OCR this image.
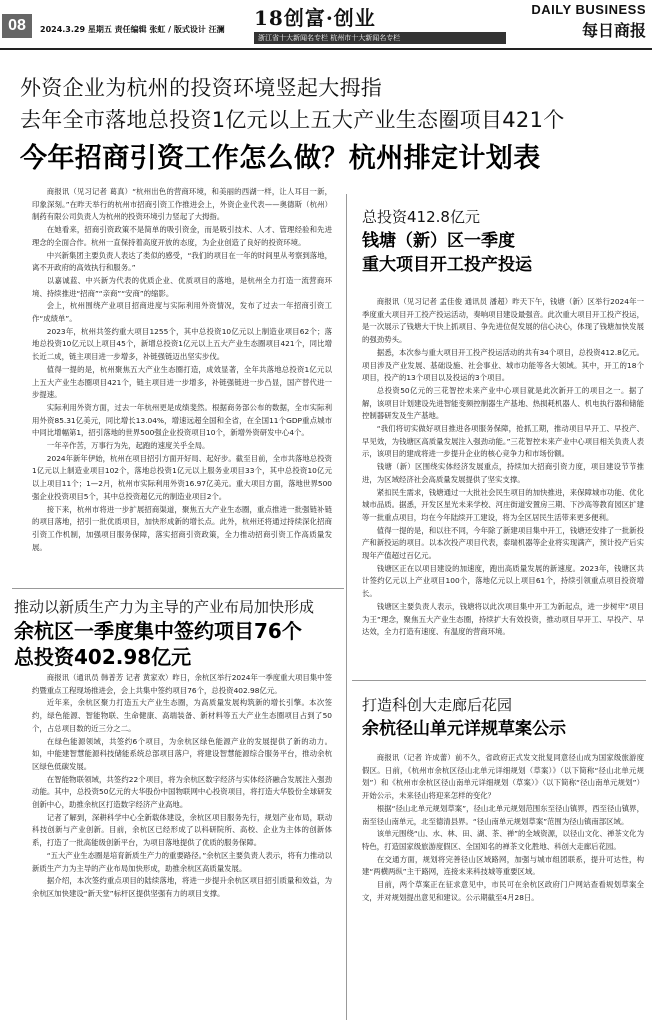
08	2024.3.29 星期五 责任编辑 张虹 / 版式设计 汪澜 18创富·创业
浙江省十大新闻名专栏 杭州市十大新闻名专栏
DAILY BUSINESS
每日商报
外资企业为杭州的投资环境竖起大拇指
去年全市落地总投资1亿元以上五大产业生态圈项目421个
今年招商引资工作怎么做？杭州排定计划表

商报讯（见习记者 葛真）“杭州出色的营商环境，和美丽的西湖一样，让人耳目一新，印象深刻。”在昨天举行的杭州市招商引资工作推进会上，外资企业代表——奥德斯（杭州）制药有限公司负责人为杭州的投资环境引力竖起了大拇指。

在她看来，招商引资政策不是简单的吸引资金，而是吸引技术、人才、管理经验和先进理念的全面合作。杭州一直保持着高度开放的态度，为企业创造了良好的投资环境。

中兴新集团主要负责人表达了类似的感受，“我们的项目在一年的时间里从考察到落地，离不开政府的高效执行和服务。”

以嘉诚蓝、中兴新为代表的优质企业、优质项目的落地，是杭州全力打造一流营商环境、持续推进“招商”“亲商”“安商”的缩影。

会上，杭州围绕产业项目招商进度与实际利用外资情况，发布了过去一年招商引资工作“成绩单”。

2023年，杭州共签约重大项目1255个，其中总投资10亿元以上制造业项目62个；落地总投资10亿元以上项目45个，新增总投资1亿元以上五大产业生态圈项目421个，同比增长近二成，链主项目进一步增多，补链强链迈出坚实步伐。

值得一提的是，杭州聚焦五大产业生态圈打造，成效显著，全年共落地总投资1亿元以上五大产业生态圈项目421个，链主项目进一步增多，补链强链进一步凸显，国产替代进一步提速。

实际利用外资方面，过去一年杭州更是成绩斐然。根据商务部公布的数据，全市实际利用外资85.31亿美元，同比增长13.04%，增速远超全国和全省，在全国11个GDP重点城市中同比增幅第1，招引落地的世界500强企业投资项目10个，新增外资研发中心4个。

一年辛作苦，万事行为先，起跑的速度关乎全局。

2024年新年伊始，杭州在项目招引方面开好局、起好步。截至目前，全市共落地总投资1亿元以上制造业项目102个，落地总投资1亿元以上服务业项目33个，其中总投资10亿元以上项目11个；1—2月，杭州市实际利用外资16.97亿美元。重大项目方面，落地世界500强企业投资项目5个，其中总投资超亿元的制造业项目2个。

接下来，杭州市将进一步扩展招商渠道，聚焦五大产业生态圈，重点推进一批强链补链的项目落地，招引一批优质项目，加快形成新的增长点。此外，杭州还将通过持续深化招商引资工作机制，加强项目服务保障，落实招商引资政策，全力推动招商引资工作高质量发展。

总投资412.8亿元
钱塘（新）区一季度
重大项目开工投产投运

商报讯（见习记者 孟佳俊 通讯员 潘超）昨天下午，钱塘（新）区举行2024年一季度重大项目开工投产投运活动，奏响项目建设最强音。此次重大项目开工投产投运，是一次展示了钱塘大干快上抓项目、争先进位促发展的信心决心，体现了钱塘加快发展的强劲势头。

据悉，本次参与重大项目开工投产投运活动的共有34个项目，总投资412.8亿元。项目涉及产业发展、基础设施、社会事业、城市功能等各大领域。其中，开工的18个项目，投产的13个项目以及投运的3个项目。

总投资50亿元的三花智控未来产业中心项目就是此次新开工的项目之一。据了解，该项目计划建设先进智能变频控制器生产基地、热损耗机器人、机电执行器和储能控制器研发及生产基地。

“我们将切实做好项目推进各项服务保障，抢抓工期，推动项目早开工、早投产、早见效，为钱塘区高质量发展注入强劲动能。”三花智控未来产业中心项目相关负责人表示，该项目的建成将进一步提升企业的核心竞争力和市场份额。

钱塘（新）区围绕实体经济发展重点，持续加大招商引资力度，项目建设节节推进，为区域经济社会高质量发展提供了坚实支撑。

紧扣民生需求，钱塘通过一大批社会民生项目的加快推进，来保障城市功能、优化城市品质。据悉，开发区星光未来学校、河庄街道安置房三期、下沙高等教育园区扩建等一批重点项目，均在今年陆续开工建设，将为全区居民生活带来更多便利。

值得一提的是，和以往不同，今年除了新建项目集中开工，钱塘还安排了一批新投产和新投运的项目。以本次投产项目代表，泰瑞机器等企业将实现满产，预计投产后实现年产值超过百亿元。

钱塘区正在以项目建设的加速度，跑出高质量发展的新速度。2023年，钱塘区共计签约亿元以上产业项目100个，落地亿元以上项目61个，持续引领重点项目投资增长。

钱塘区主要负责人表示，钱塘将以此次项目集中开工为新起点，进一步树牢“项目为王”理念，聚焦五大产业生态圈，持续扩大有效投资，推动项目早开工、早投产、早达效，全力打造有速度、有温度的营商环境。

推动以新质生产力为主导的产业布局加快形成
余杭区一季度集中签约项目76个
总投资402.98亿元

商报讯（通讯员 韩普芳 记者 黄家欢）昨日，余杭区举行2024年一季度重大项目集中签约暨重点工程现场推进会，会上共集中签约项目76个，总投资402.98亿元。

近年来，余杭区聚力打造五大产业生态圈，为高质量发展构筑新的增长引擎。本次签约，绿色能源、智能物联、生命健康、高端装备、新材料等五大产业生态圈项目占到了50个，占总项目数的近三分之二。

在绿色能源领域，共签约6个项目，为余杭区绿色能源产业的发展提供了新的动力。如，中能建智慧能源科技储能系统总部项目落户，将建设智慧能源综合服务平台，推动余杭区绿色低碳发展。

在智能物联领域，共签约22个项目，将为余杭区数字经济与实体经济融合发展注入强劲动能。其中，总投资50亿元的大华股份中国物联网中心投资项目，将打造大华股份全球研发创新中心，助推余杭区打造数字经济产业高地。

记者了解到，深耕科学中心全新载体建设，余杭区项目服务先行，规划产业布局，联动科技创新与产业创新。目前，余杭区已经形成了以科研院所、高校、企业为主体的创新体系，打造了一批高能级创新平台，为项目落地提供了优质的服务保障。

“五大产业生态圈是培育新质生产力的重要路径。”余杭区主要负责人表示，将有力推动以新质生产力为主导的产业布局加快形成，助推余杭区高质量发展。

据介绍，本次签约重点项目的陆续落地，将进一步提升余杭区项目招引质量和效益，为余杭区加快建设“新天堂”标杆区提供坚强有力的项目支撑。

打造科创大走廊后花园
余杭径山单元详规草案公示

商报讯（记者 许成蕾）前不久，省政府正式发文批复同意径山成为国家级旅游度假区。日前，《杭州市余杭区径山北单元详细规划（草案）》（以下简称“径山北单元规划”）和《杭州市余杭区径山南单元详细规划（草案）》（以下简称“径山南单元规划”）开始公示，未来径山将迎来怎样的变化？

根据“径山北单元规划草案”，径山北单元规划范围东至径山镇界，西至径山镇界，南至径山南单元，北至德清县界。“径山南单元规划草案”范围为径山镇南部区域。

该单元围绕“山、水、林、田、湖、茶、禅”的全域资源，以径山文化、禅茶文化为特色，打造国家级旅游度假区、全国知名的禅茶文化胜地、科创大走廊后花园。

在交通方面，规划将完善径山区域路网，加强与城市组团联系，提升可达性，构建“两横两纵”主干路网，连接未来科技城等重要区域。

目前，两个草案正在征求意见中，市民可在余杭区政府门户网站查看规划草案全文，并对规划提出意见和建议。公示期截至4月28日。
